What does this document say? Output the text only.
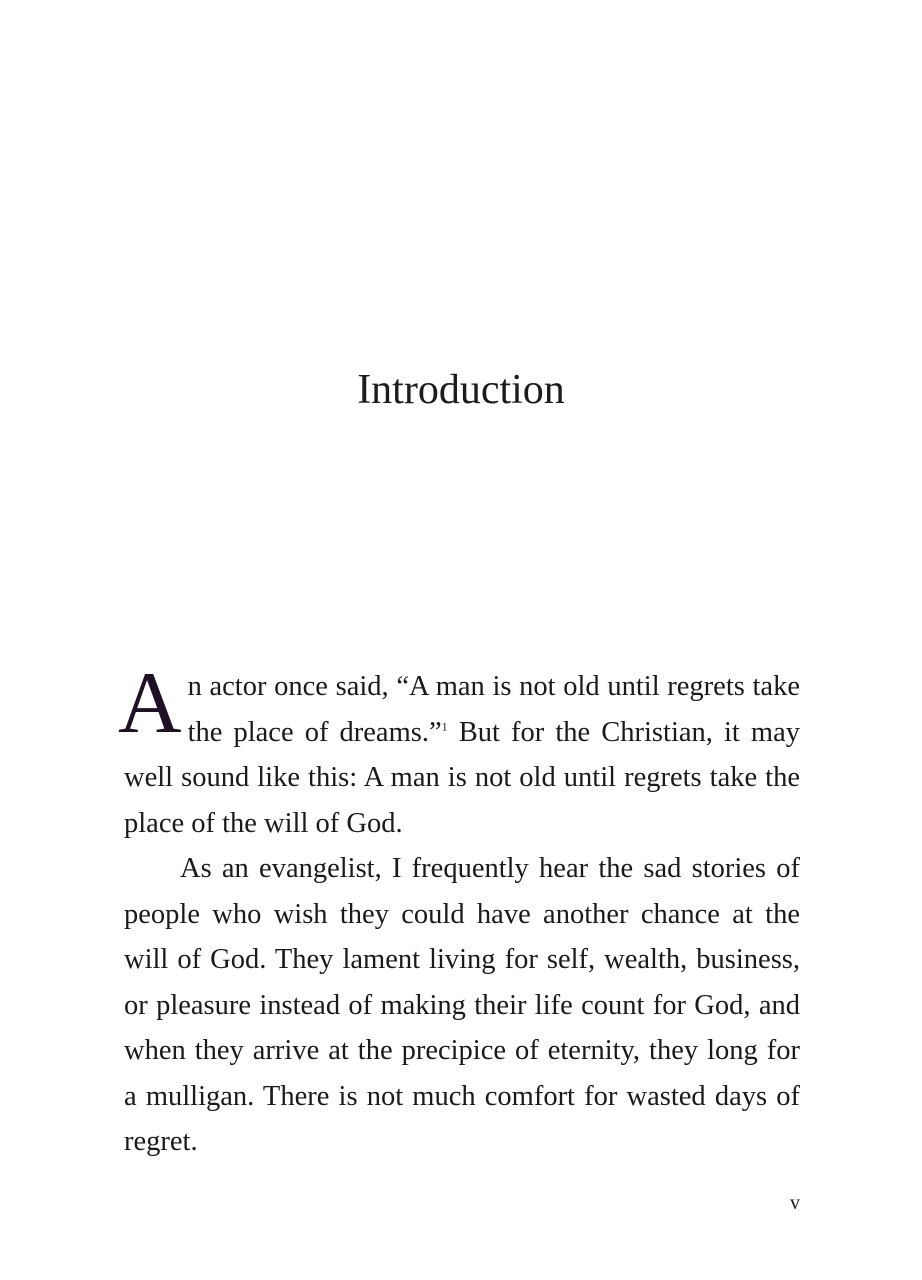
Introduction

An actor once said, “A man is not old until regrets take the place of dreams.”$^1$ But for the Christian, it may well sound like this: A man is not old until regrets take the place of the will of God.

As an evangelist, I frequently hear the sad stories of people who wish they could have another chance at the will of God. They lament living for self, wealth, business, or pleasure instead of making their life count for God, and when they arrive at the precipice of eternity, they long for a mulligan. There is not much comfort for wasted days of regret.

v
